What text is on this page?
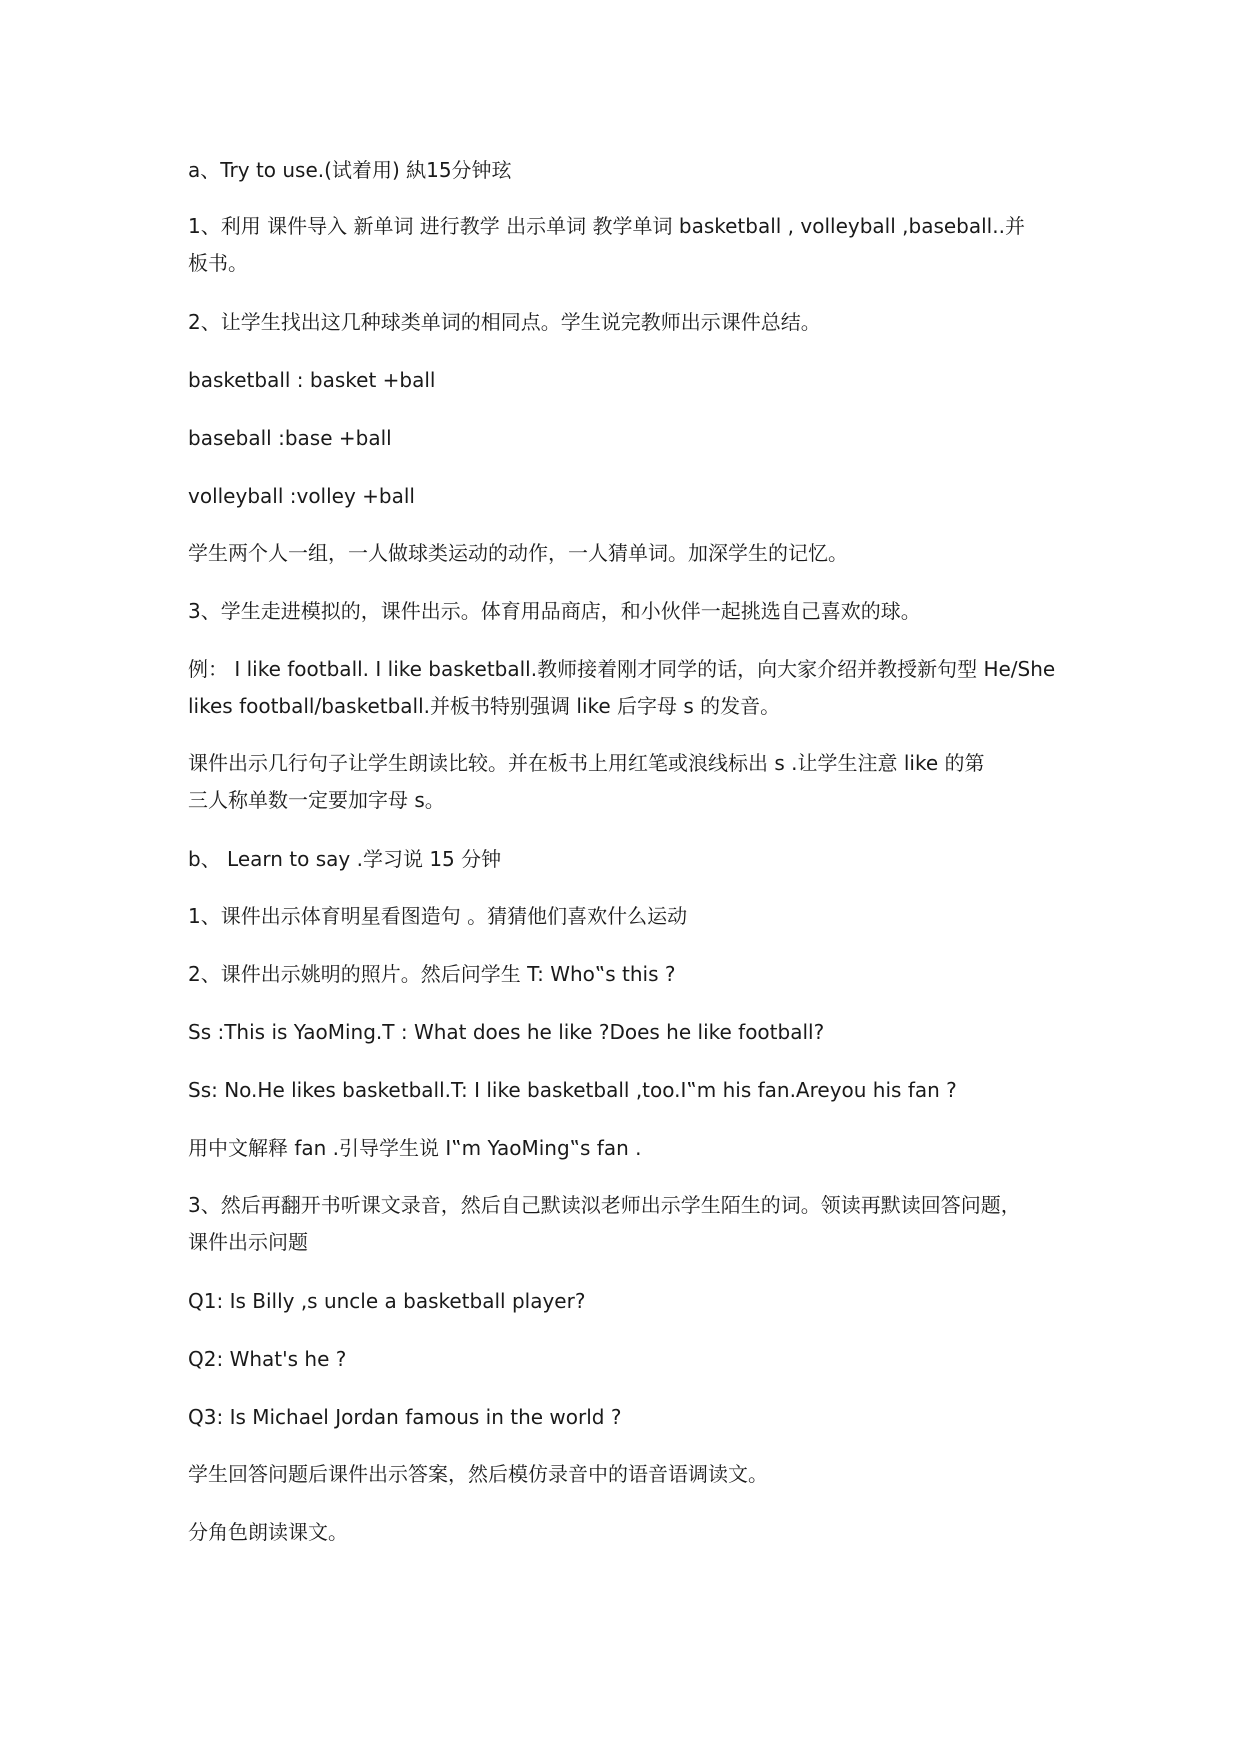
a、Try to use.(试着用) 紈15分钟玹
1、利用 课件导入 新单词 进行教学 出示单词 教学单词 basketball , volleyball ,baseball..并
板书。
2、让学生找出这几种球类单词的相同点。学生说完教师出示课件总结。
basketball : basket +ball
baseball :base +ball
volleyball :volley +ball
学生两个人一组，一人做球类运动的动作，一人猜单词。加深学生的记忆。
3、学生走进模拟的，课件出示。体育用品商店，和小伙伴一起挑选自己喜欢的球。
例： I like football. I like basketball.教师接着刚才同学的话，向大家介绍并教授新句型 He/She
likes football/basketball.并板书特别强调 like 后字母 s 的发音。
课件出示几行句子让学生朗读比较。并在板书上用红笔或浪线标出 s .让学生注意 like 的第
三人称单数一定要加字母 s。
b、 Learn to say .学习说 15 分钟
1、课件出示体育明星看图造句 。猜猜他们喜欢什么运动
2、课件出示姚明的照片。然后问学生 T: Who‟s this ?
Ss :This is YaoMing.T : What does he like ?Does he like football?
Ss: No.He likes basketball.T: I like basketball ,too.I‟m his fan.Areyou his fan ?
用中文解释 fan .引导学生说 I‟m YaoMing‟s fan .
3、然后再翻开书听课文录音，然后自己默读泤老师出示学生陌生的词。领读再默读回答问题，
课件出示问题
Q1: Is Billy ,s uncle a basketball player?
Q2: What's he ?
Q3: Is Michael Jordan famous in the world ?
学生回答问题后课件出示答案，然后模仿录音中的语音语调读文。
分角色朗读课文。
